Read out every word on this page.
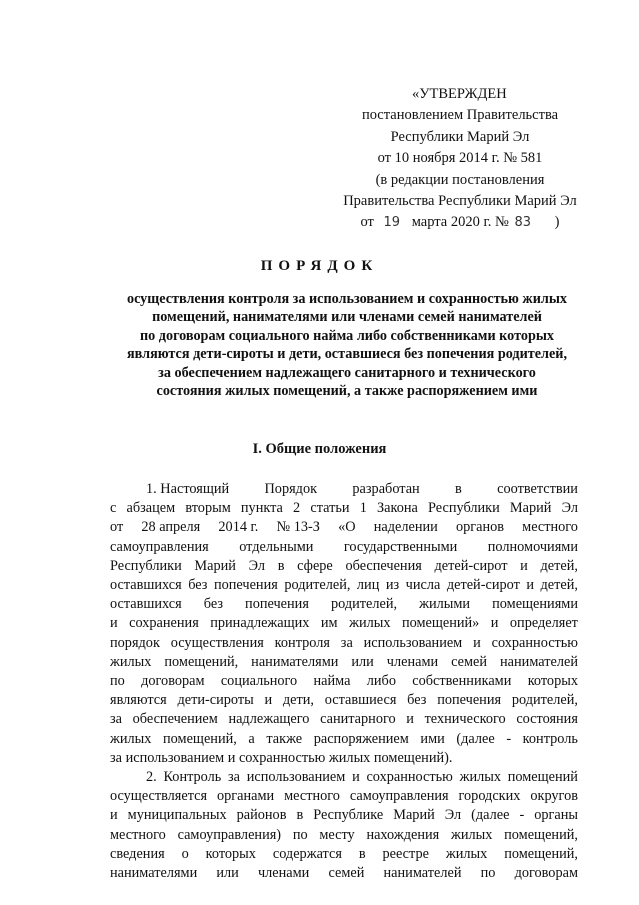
«УТВЕРЖДЕН
постановлением Правительства
Республики Марий Эл
от 10 ноября 2014 г. № 581
(в редакции постановления
Правительства Республики Марий Эл
от 19 марта 2020 г. № 83 )
ПОРЯДОК
осуществления контроля за использованием и сохранностью жилых
помещений, нанимателями или членами семей нанимателей
по договорам социального найма либо собственниками которых
являются дети-сироты и дети, оставшиеся без попечения родителей,
за обеспечением надлежащего санитарного и технического
состояния жилых помещений, а также распоряжением ими
I. Общие положения
1. Настоящий Порядок разработан в соответствии
с абзацем вторым пункта 2 статьи 1 Закона Республики Марий Эл
от 28 апреля 2014 г. № 13-З «О наделении органов местного
самоуправления отдельными государственными полномочиями
Республики Марий Эл в сфере обеспечения детей-сирот и детей,
оставшихся без попечения родителей, лиц из числа детей-сирот и детей,
оставшихся без попечения родителей, жилыми помещениями
и сохранения принадлежащих им жилых помещений» и определяет
порядок осуществления контроля за использованием и сохранностью
жилых помещений, нанимателями или членами семей нанимателей
по договорам социального найма либо собственниками которых
являются дети-сироты и дети, оставшиеся без попечения родителей,
за обеспечением надлежащего санитарного и технического состояния
жилых помещений, а также распоряжением ими (далее - контроль
за использованием и сохранностью жилых помещений).
2. Контроль за использованием и сохранностью жилых помещений
осуществляется органами местного самоуправления городских округов
и муниципальных районов в Республике Марий Эл (далее - органы
местного самоуправления) по месту нахождения жилых помещений,
сведения о которых содержатся в реестре жилых помещений,
нанимателями или членами семей нанимателей по договорам
